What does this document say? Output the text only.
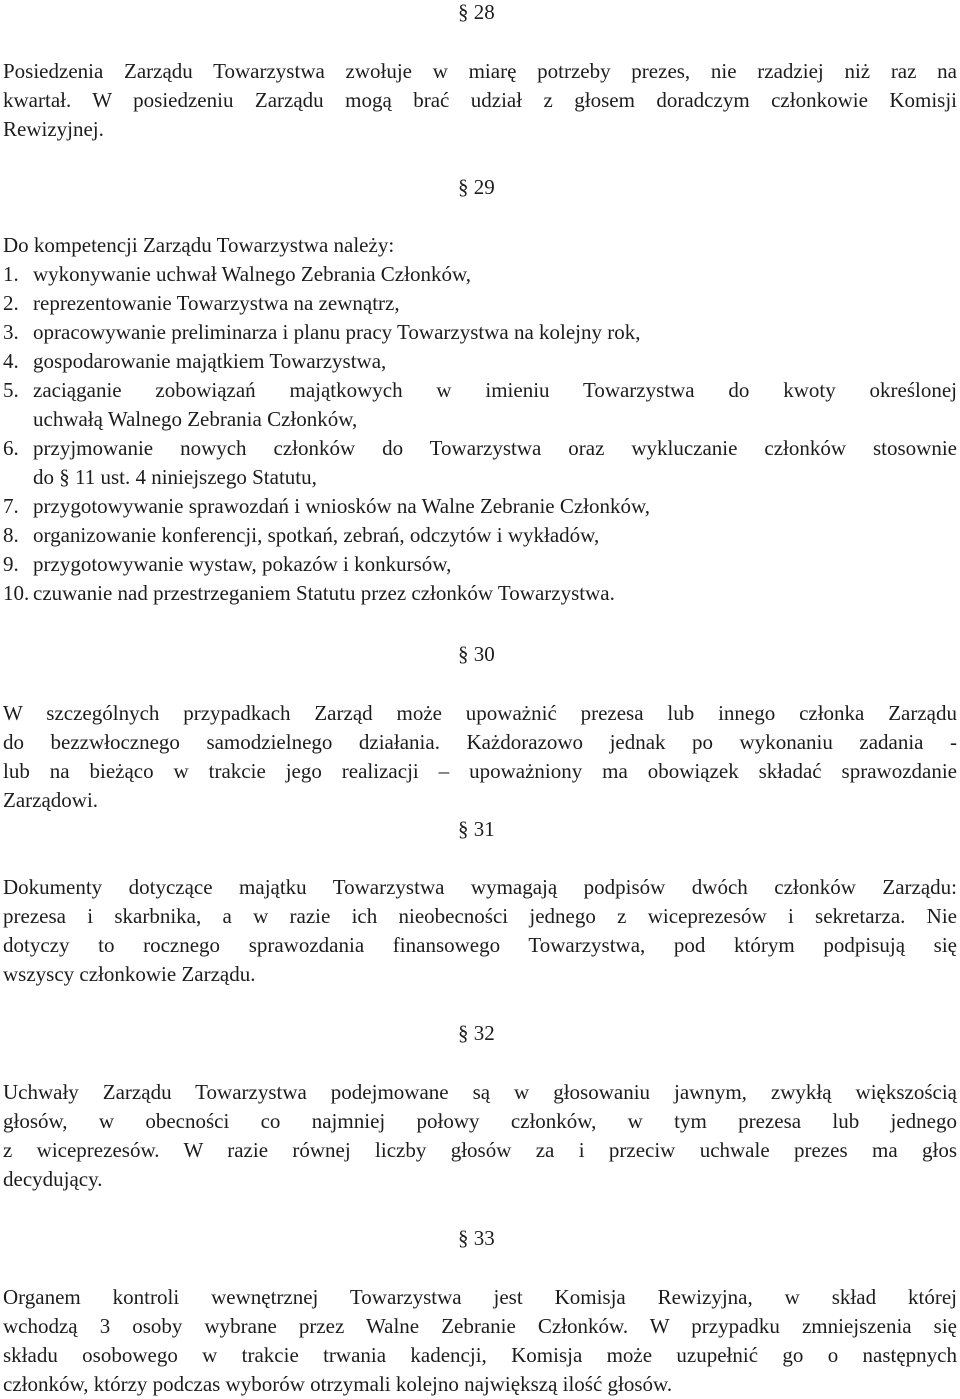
§ 28
Posiedzenia Zarządu Towarzystwa zwołuje w miarę potrzeby prezes, nie rzadziej niż raz na
kwartał. W posiedzeniu Zarządu mogą brać udział z głosem doradczym członkowie Komisji
Rewizyjnej.
§ 29
Do kompetencji Zarządu Towarzystwa należy:
1. wykonywanie uchwał Walnego Zebrania Członków,
2. reprezentowanie Towarzystwa na zewnątrz,
3. opracowywanie preliminarza i planu pracy Towarzystwa na kolejny rok,
4. gospodarowanie majątkiem Towarzystwa,
5. zaciąganie zobowiązań majątkowych w imieniu Towarzystwa do kwoty określonej
uchwałą Walnego Zebrania Członków,
6. przyjmowanie nowych członków do Towarzystwa oraz wykluczanie członków stosownie
do § 11 ust. 4 niniejszego Statutu,
7. przygotowywanie sprawozdań i wniosków na Walne Zebranie Członków,
8. organizowanie konferencji, spotkań, zebrań, odczytów i wykładów,
9. przygotowywanie wystaw, pokazów i konkursów,
10. czuwanie nad przestrzeganiem Statutu przez członków Towarzystwa.
§ 30
W szczególnych przypadkach Zarząd może upoważnić prezesa lub innego członka Zarządu
do bezzwłocznego samodzielnego działania. Każdorazowo jednak po wykonaniu zadania -
lub na bieżąco w trakcie jego realizacji – upoważniony ma obowiązek składać sprawozdanie
Zarządowi.
§ 31
Dokumenty dotyczące majątku Towarzystwa wymagają podpisów dwóch członków Zarządu:
prezesa i skarbnika, a w razie ich nieobecności jednego z wiceprezesów i sekretarza. Nie
dotyczy to rocznego sprawozdania finansowego Towarzystwa, pod którym podpisują się
wszyscy członkowie Zarządu.
§ 32
Uchwały Zarządu Towarzystwa podejmowane są w głosowaniu jawnym, zwykłą większością
głosów, w obecności co najmniej połowy członków, w tym prezesa lub jednego
z wiceprezesów. W razie równej liczby głosów za i przeciw uchwale prezes ma głos
decydujący.
§ 33
Organem kontroli wewnętrznej Towarzystwa jest Komisja Rewizyjna, w skład której
wchodzą 3 osoby wybrane przez Walne Zebranie Członków. W przypadku zmniejszenia się
składu osobowego w trakcie trwania kadencji, Komisja może uzupełnić go o następnych
członków, którzy podczas wyborów otrzymali kolejno największą ilość głosów.
